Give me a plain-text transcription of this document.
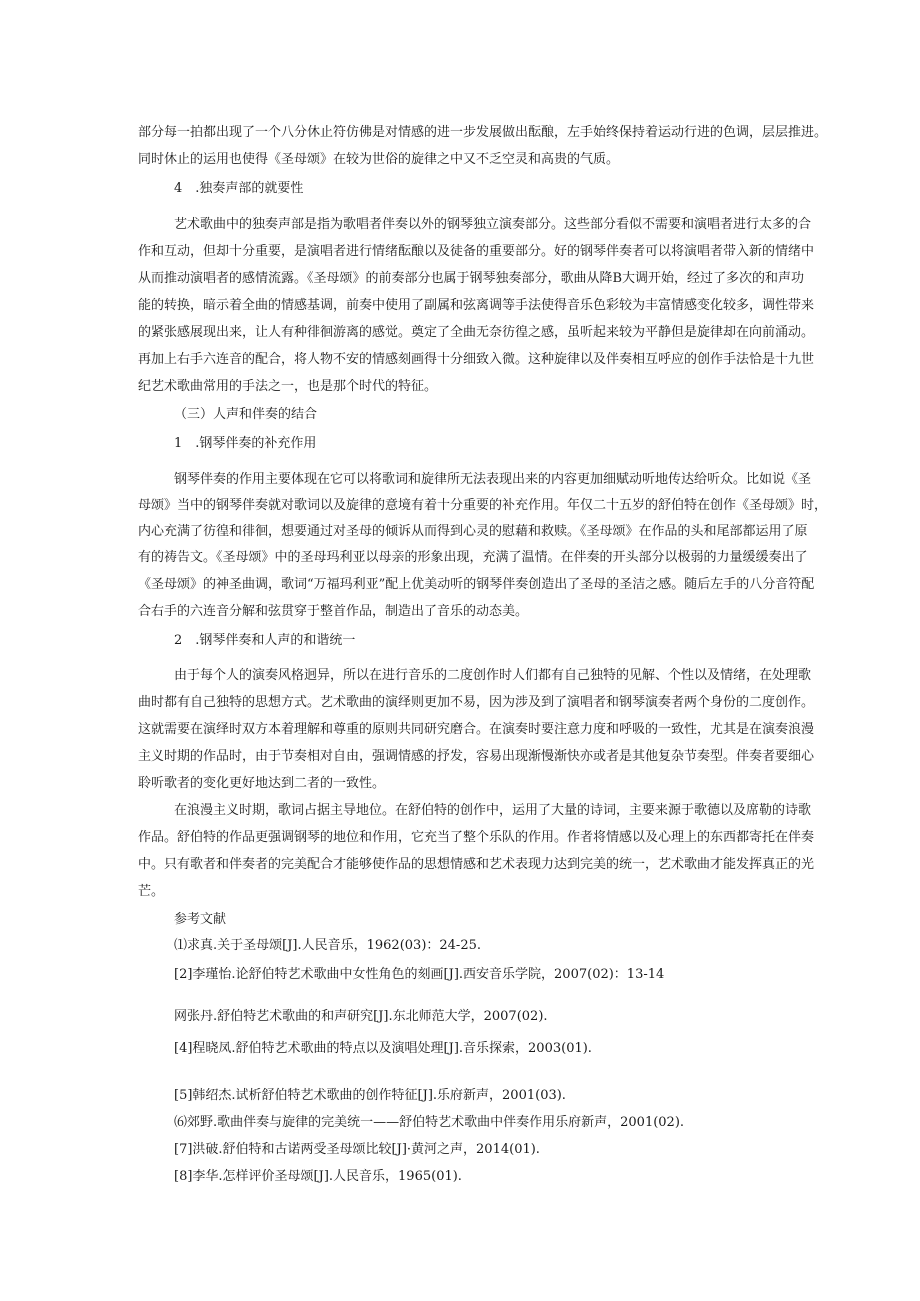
部分每一拍都出现了一个八分休止符仿佛是对情感的进一步发展做出酝酿，左手始终保持着运动行进的色调，层层推进。
同时休止的运用也使得《圣母颂》在较为世俗的旋律之中又不乏空灵和高贵的气质。
4　.独奏声部的就要性
艺术歌曲中的独奏声部是指为歌唱者伴奏以外的钢琴独立演奏部分。这些部分看似不需要和演唱者进行太多的合
作和互动，但却十分重要，是演唱者进行情绪酝酿以及徒备的重要部分。好的钢琴伴奏者可以将演唱者带入新的情绪中
从而推动演唱者的感情流露。《圣母颂》的前奏部分也属于钢琴独奏部分，歌曲从降B大调开始，经过了多次的和声功
能的转换，暗示着全曲的情感基调，前奏中使用了副属和弦离调等手法使得音乐色彩较为丰富情感变化较多，调性带来
的紧张感展现出来，让人有种徘徊游离的感觉。奠定了全曲无奈彷徨之感，虽听起来较为平静但是旋律却在向前涌动。
再加上右手六连音的配合，将人物不安的情感刻画得十分细致入微。这种旋律以及伴奏相互呼应的创作手法恰是十九世
纪艺术歌曲常用的手法之一，也是那个时代的特征。
（三）人声和伴奏的结合
1　.钢琴伴奏的补充作用
钢琴伴奏的作用主要体现在它可以将歌词和旋律所无法表现出来的内容更加细赋动听地传达给听众。比如说《圣
母颂》当中的钢琴伴奏就对歌词以及旋律的意境有着十分重要的补充作用。年仅二十五岁的舒伯特在创作《圣母颂》时，
内心充满了彷徨和徘徊，想要通过对圣母的倾诉从而得到心灵的慰藉和救赎。《圣母颂》在作品的头和尾部都运用了原
有的祷告文。《圣母颂》中的圣母玛利亚以母亲的形象出现，充满了温情。在伴奏的开头部分以极弱的力量缓缓奏出了
《圣母颂》的神圣曲调，歌词“万福玛利亚”配上优美动听的钢琴伴奏创造出了圣母的圣洁之感。随后左手的八分音符配
合右手的六连音分解和弦贯穿于整首作品，制造出了音乐的动态美。
2　.钢琴伴奏和人声的和谐统一
由于每个人的演奏风格迥异，所以在进行音乐的二度创作时人们都有自己独特的见解、个性以及情绪，在处理歌
曲时都有自己独特的思想方式。艺术歌曲的演绎则更加不易，因为涉及到了演唱者和钢琴演奏者两个身份的二度创作。
这就需要在演绎时双方本着理解和尊重的原则共同研究磨合。在演奏时要注意力度和呼吸的一致性，尤其是在演奏浪漫
主义时期的作品时，由于节奏相对自由，强调情感的抒发，容易出现渐慢渐快亦或者是其他复杂节奏型。伴奏者要细心
聆听歌者的变化更好地达到二者的一致性。
在浪漫主义时期，歌词占据主导地位。在舒伯特的创作中，运用了大量的诗词，主要来源于歌德以及席勒的诗歌
作品。舒伯特的作品更强调钢琴的地位和作用，它充当了整个乐队的作用。作者将情感以及心理上的东西都寄托在伴奏
中。只有歌者和伴奏者的完美配合才能够使作品的思想情感和艺术表现力达到完美的统一，艺术歌曲才能发挥真正的光
芒。
参考文献
⑴求真.关于圣母颂[J].人民音乐，1962(03)：24-25.
[2]李瑾怡.论舒伯特艺术歌曲中女性角色的刻画[J].西安音乐学院，2007(02)：13-14
网张丹.舒伯特艺术歌曲的和声研究[J].东北师范大学，2007(02).
[4]程晓凤.舒伯特艺术歌曲的特点以及演唱处理[J].音乐探索，2003(01).
[5]韩绍杰.试析舒伯特艺术歌曲的创作特征[J].乐府新声，2001(03).
⑹郊野.歌曲伴奏与旋律的完美统一——舒伯特艺术歌曲中伴奏作用乐府新声，2001(02).
[7]洪破.舒伯特和古诺两受圣母颂比较[J]·黄河之声，2014(01).
[8]李华.怎样评价圣母颂[J].人民音乐，1965(01).
